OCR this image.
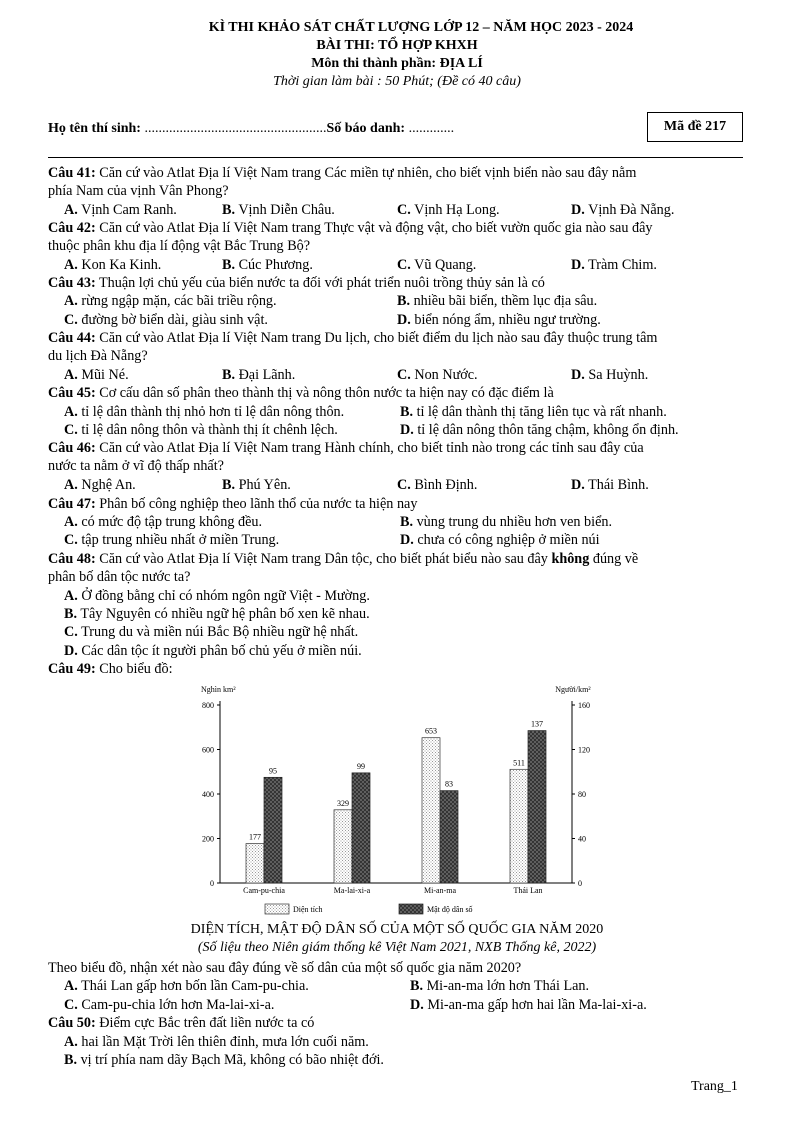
KÌ THI KHẢO SÁT CHẤT LƯỢNG LỚP 12 – NĂM HỌC 2023 - 2024
BÀI THI: TỔ HỢP KHXH
Môn thi thành phần: ĐỊA LÍ
Thời gian làm bài : 50 Phút; (Đề có 40 câu)
Họ tên thí sinh: ....................................................Số báo danh: .............	Mã đề 217
Câu 41: Căn cứ vào Atlat Địa lí Việt Nam trang Các miền tự nhiên, cho biết vịnh biển nào sau đây nằm
phía Nam của vịnh Vân Phong?
A. Vịnh Cam Ranh.	B. Vịnh Diễn Châu.	C. Vịnh Hạ Long.	D. Vịnh Đà Nẵng.
Câu 42: Căn cứ vào Atlat Địa lí Việt Nam trang Thực vật và động vật, cho biết vườn quốc gia nào sau đây
thuộc phân khu địa lí động vật Bắc Trung Bộ?
A. Kon Ka Kinh.	B. Cúc Phương.	C. Vũ Quang.	D. Tràm Chim.
Câu 43: Thuận lợi chủ yếu của biển nước ta đối với phát triển nuôi trồng thủy sản là có
A. rừng ngập mặn, các bãi triều rộng.	B. nhiều bãi biển, thềm lục địa sâu.
C. đường bờ biển dài, giàu sinh vật.	D. biển nóng ẩm, nhiều ngư trường.
Câu 44: Căn cứ vào Atlat Địa lí Việt Nam trang Du lịch, cho biết điểm du lịch nào sau đây thuộc trung tâm
du lịch Đà Nẵng?
A. Mũi Né.	B. Đại Lãnh.	C. Non Nước.	D. Sa Huỳnh.
Câu 45: Cơ cấu dân số phân theo thành thị và nông thôn nước ta hiện nay có đặc điểm là
A. tỉ lệ dân thành thị nhỏ hơn tỉ lệ dân nông thôn.	B. tỉ lệ dân thành thị tăng liên tục và rất nhanh.
C. tỉ lệ dân nông thôn và thành thị ít chênh lệch.	D. tỉ lệ dân nông thôn tăng chậm, không ổn định.
Câu 46: Căn cứ vào Atlat Địa lí Việt Nam trang Hành chính, cho biết tỉnh nào trong các tỉnh sau đây của
nước ta nằm ở vĩ độ thấp nhất?
A. Nghệ An.	B. Phú Yên.	C. Bình Định.	D. Thái Bình.
Câu 47: Phân bố công nghiệp theo lãnh thổ của nước ta hiện nay
A. có mức độ tập trung không đều.	B. vùng trung du nhiều hơn ven biển.
C. tập trung nhiều nhất ở miền Trung.	D. chưa có công nghiệp ở miền núi
Câu 48: Căn cứ vào Atlat Địa lí Việt Nam trang Dân tộc, cho biết phát biểu nào sau đây không đúng về
phân bố dân tộc nước ta?
A. Ở đồng bằng chỉ có nhóm ngôn ngữ Việt - Mường.
B. Tây Nguyên có nhiều ngữ hệ phân bố xen kẽ nhau.
C. Trung du và miền núi Bắc Bộ nhiều ngữ hệ nhất.
D. Các dân tộc ít người phân bố chủ yếu ở miền núi.
Câu 49: Cho biểu đồ:
Nghìn km²	Người/km²
0
200
400
600
800
0
40
80
120
160
177
95
Cam-pu-chia
329
99
Ma-lai-xi-a
653
83
Mi-an-ma
511
137
Thái Lan
Diện tích	Mật độ dân số
DIỆN TÍCH, MẬT ĐỘ DÂN SỐ CỦA MỘT SỐ QUỐC GIA NĂM 2020
(Số liệu theo Niên giám thống kê Việt Nam 2021, NXB Thống kê, 2022)
Theo biểu đồ, nhận xét nào sau đây đúng về số dân của một số quốc gia năm 2020?
A. Thái Lan gấp hơn bốn lần Cam-pu-chia.	B. Mi-an-ma lớn hơn Thái Lan.
C. Cam-pu-chia lớn hơn Ma-lai-xi-a.	D. Mi-an-ma gấp hơn hai lần Ma-lai-xi-a.
Câu 50: Điểm cực Bắc trên đất liền nước ta có
A. hai lần Mặt Trời lên thiên đỉnh, mưa lớn cuối năm.
B. vị trí phía nam dãy Bạch Mã, không có bão nhiệt đới.
Trang_1
